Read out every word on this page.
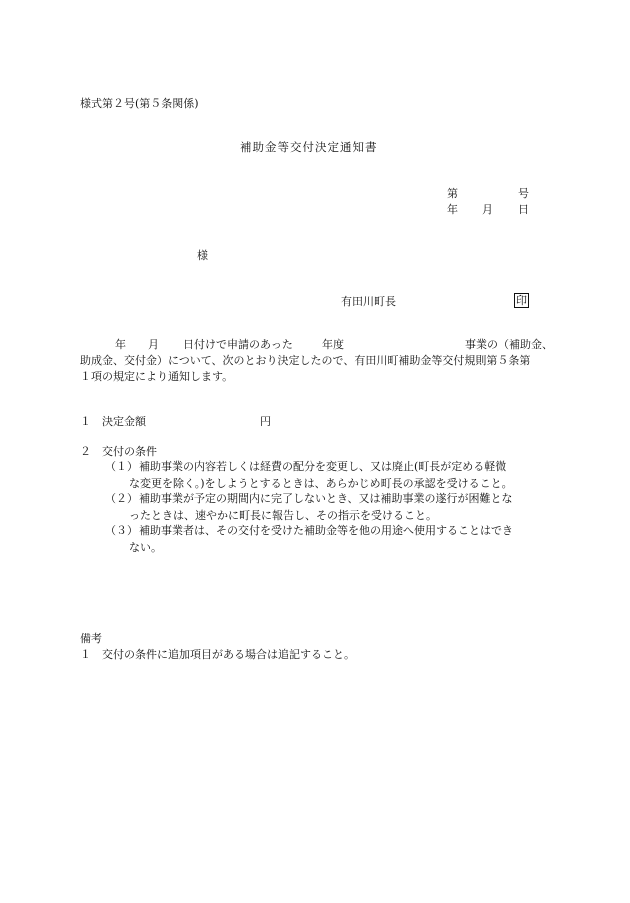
様式第２号(第５条関係)
補助金等交付決定通知書
第	号
年 月 日
様
有田川町長	印
年 月 日付けで申請のあった	年度	事業の（補助金、
助成金、交付金）について、次のとおり決定したので、有田川町補助金等交付規則第５条第
１項の規定により通知します。
１　決定金額	円
２　交付の条件
（１） 補助事業の内容若しくは経費の配分を変更し、又は廃止(町長が定める軽微
な変更を除く。)をしようとするときは、あらかじめ町長の承認を受けること。
（２） 補助事業が予定の期間内に完了しないとき、又は補助事業の遂行が困難とな
ったときは、速やかに町長に報告し、その指示を受けること。
（３） 補助事業者は、その交付を受けた補助金等を他の用途へ使用することはでき
ない。
備考
１　交付の条件に追加項目がある場合は追記すること。
